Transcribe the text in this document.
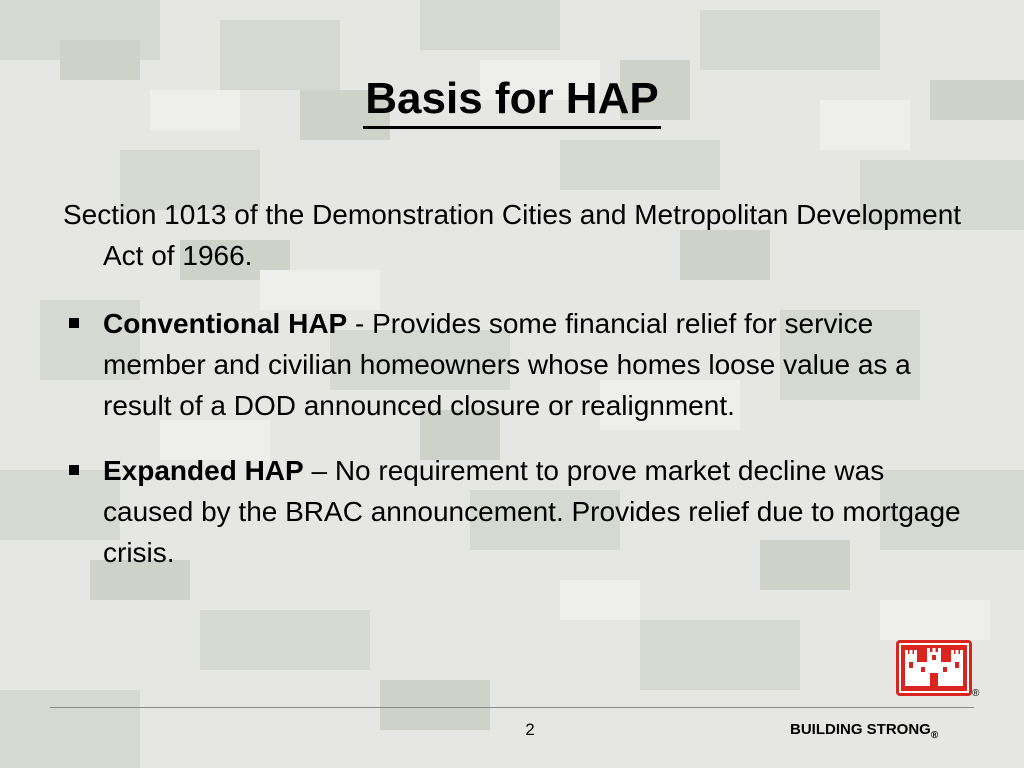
Basis for HAP

Section 1013 of the Demonstration Cities and Metropolitan Development Act of 1966.

Conventional HAP - Provides some financial relief for service member and civilian homeowners whose homes loose value as a result of a DOD announced closure or realignment.
Expanded HAP – No requirement to prove market decline was caused by the BRAC announcement. Provides relief due to mortgage crisis.
®
2	BUILDING $STRONG_®$
